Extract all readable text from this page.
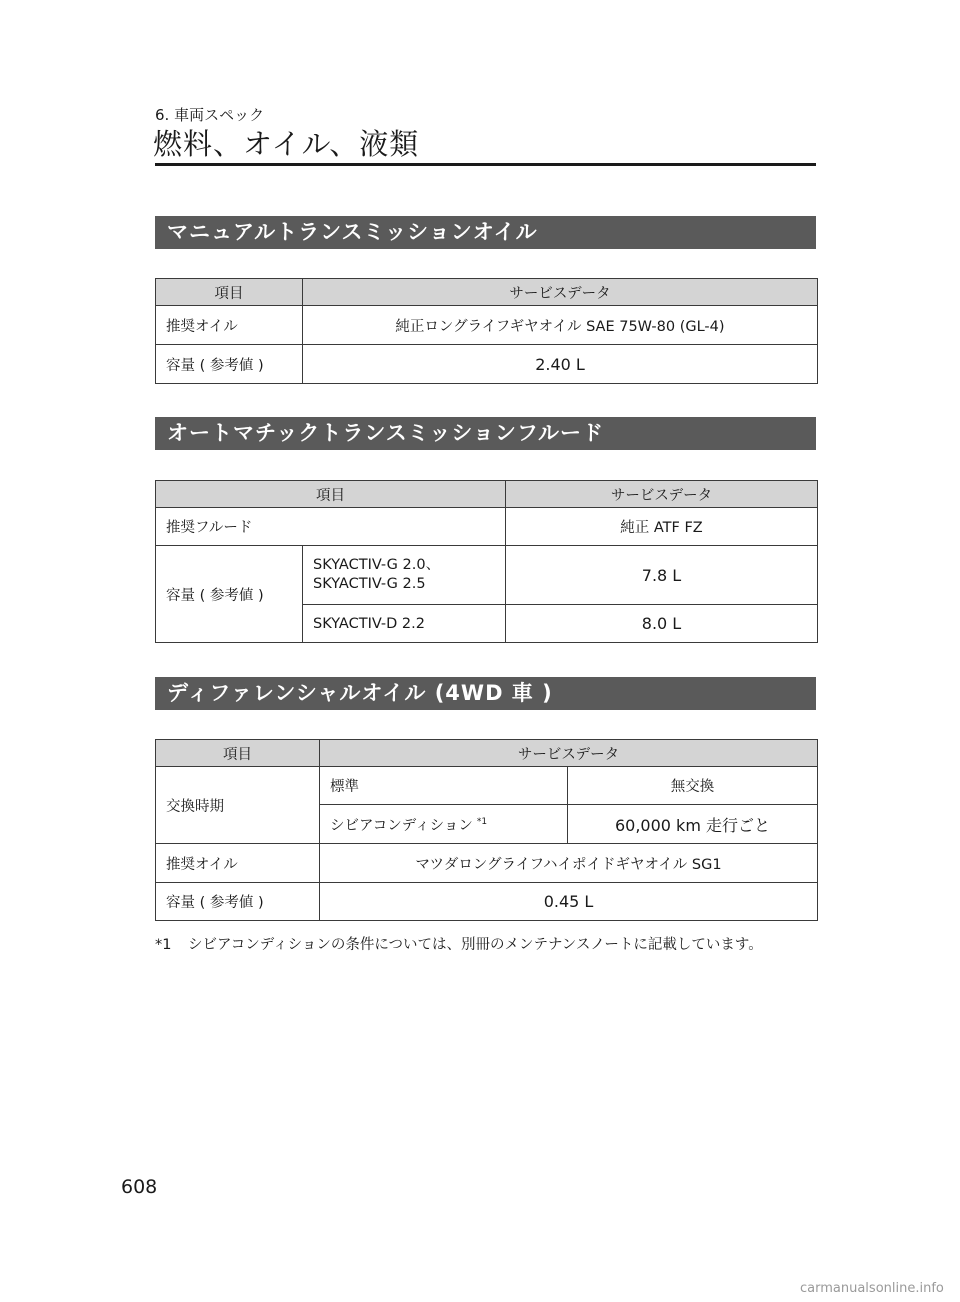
6. 車両スペック
燃料、オイル、液類
マニュアルトランスミッションオイル
項目	サービスデータ
推奨オイル	純正ロングライフギヤオイル SAE 75W-80 (GL-4)
容量 ( 参考値 )	2.40 L
オートマチックトランスミッションフルード
項目		サービスデータ
推奨フルード		純正 ATF FZ
容量 ( 参考値 )	SKYACTIV-G 2.0、
SKYACTIV-G 2.5	7.8 L
	SKYACTIV-D 2.2	8.0 L
ディファレンシャルオイル (4WD 車 )
項目	サービスデータ	
交換時期	標準	無交換
	シビアコンディション $^{*1}$	60,000 km 走行ごと
推奨オイル	マツダロングライフハイポイドギヤオイル SG1	
容量 ( 参考値 )	0.45 L	
*1 シビアコンディションの条件については、別冊のメンテナンスノートに記載しています。
608
carmanualsonline.info
